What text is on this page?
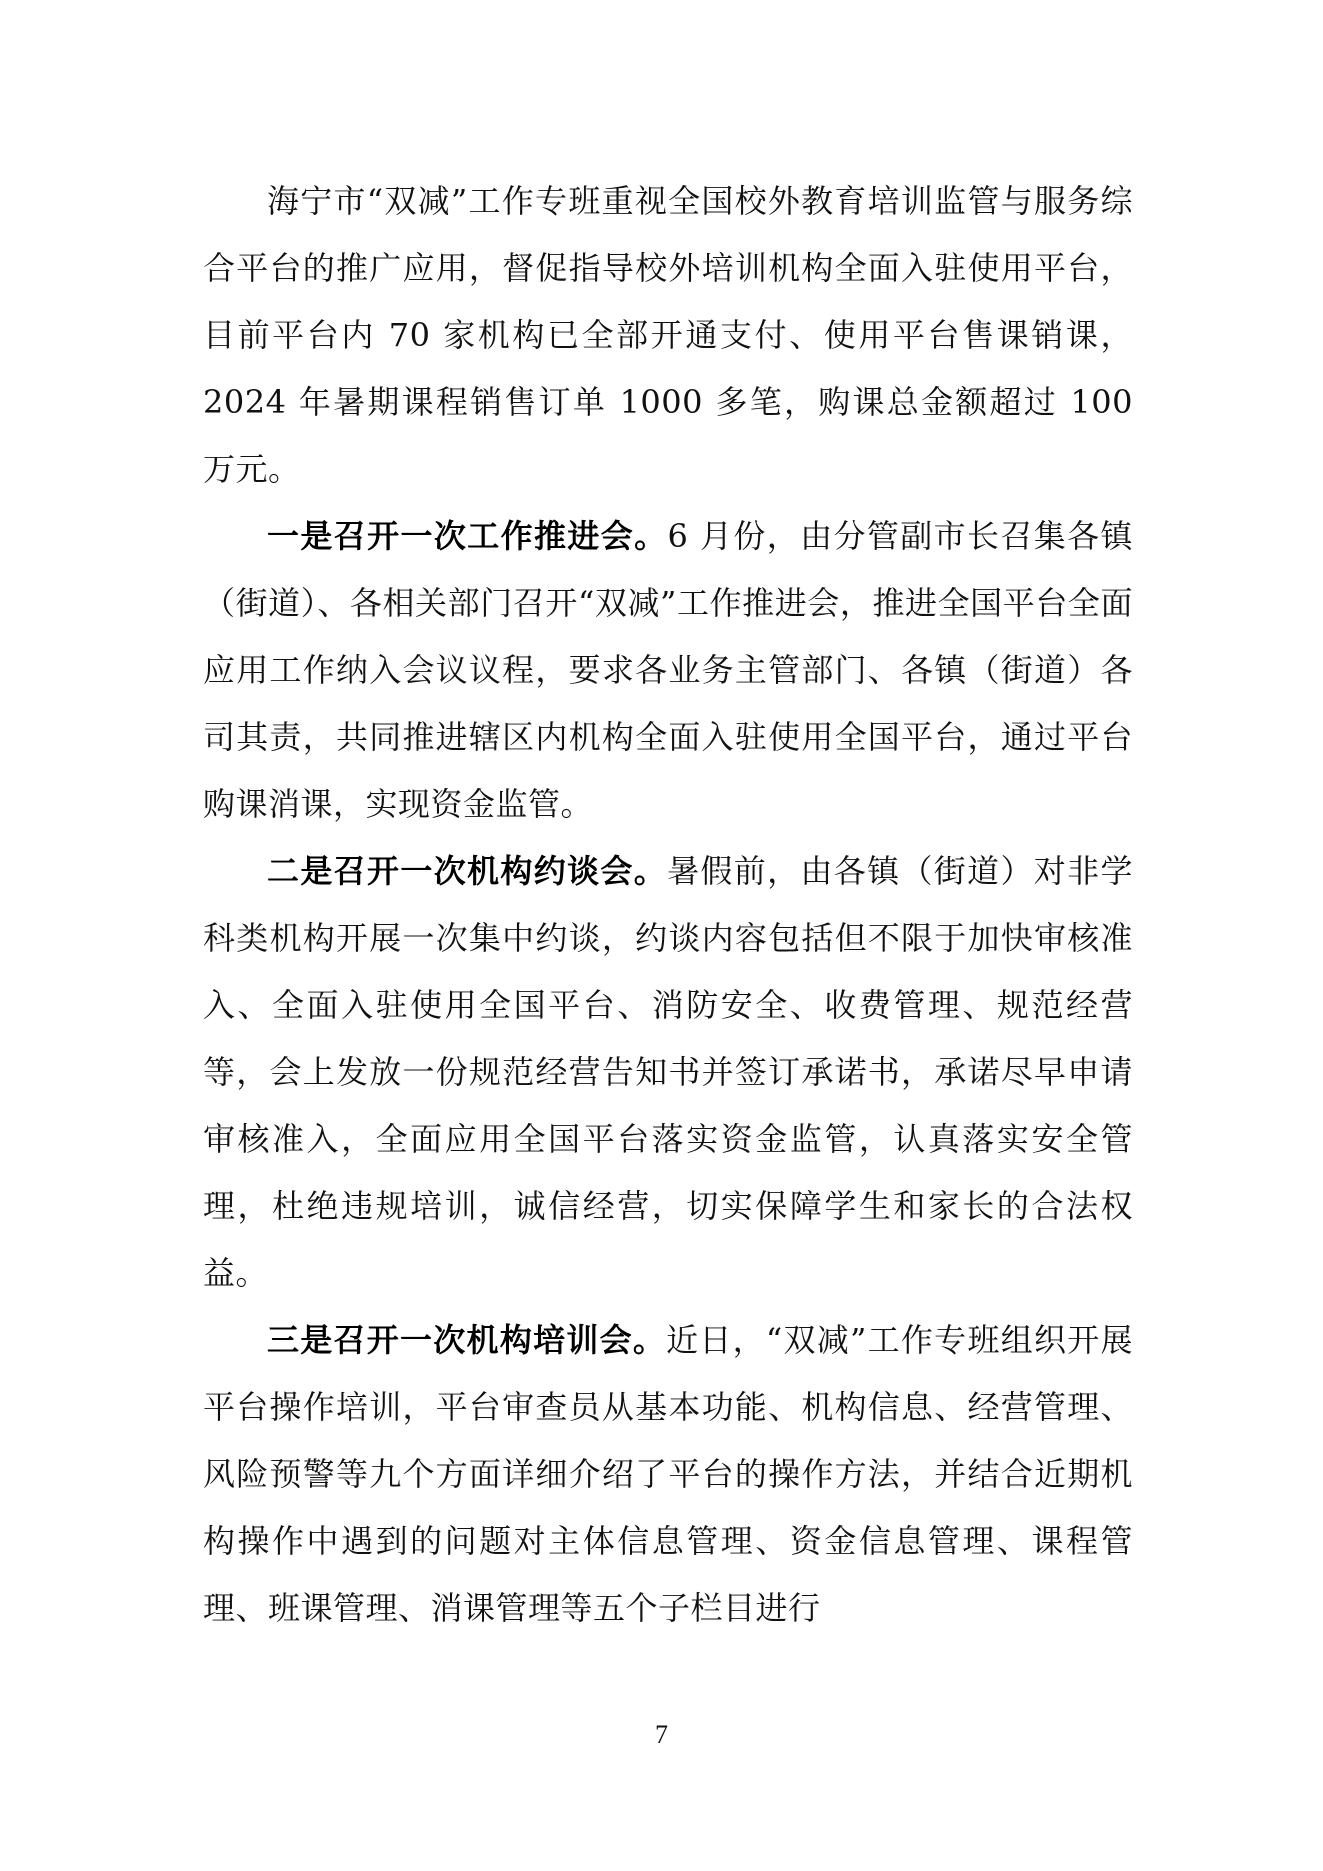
海宁市“双减”工作专班重视全国校外教育培训监管与服务综合平台的推广应用，督促指导校外培训机构全面入驻使用平台，目前平台内 70 家机构已全部开通支付、使用平台售课销课，2024 年暑期课程销售订单 1000 多笔，购课总金额超过 100 万元。

一是召开一次工作推进会。6 月份，由分管副市长召集各镇（街道）、各相关部门召开“双减”工作推进会，推进全国平台全面应用工作纳入会议议程，要求各业务主管部门、各镇（街道）各司其责，共同推进辖区内机构全面入驻使用全国平台，通过平台购课消课，实现资金监管。

二是召开一次机构约谈会。暑假前，由各镇（街道）对非学科类机构开展一次集中约谈，约谈内容包括但不限于加快审核准入、全面入驻使用全国平台、消防安全、收费管理、规范经营等，会上发放一份规范经营告知书并签订承诺书，承诺尽早申请审核准入，全面应用全国平台落实资金监管，认真落实安全管理，杜绝违规培训，诚信经营，切实保障学生和家长的合法权益。

三是召开一次机构培训会。近日，“双减”工作专班组织开展平台操作培训，平台审查员从基本功能、机构信息、经营管理、风险预警等九个方面详细介绍了平台的操作方法，并结合近期机构操作中遇到的问题对主体信息管理、资金信息管理、课程管理、班课管理、消课管理等五个子栏目进行

7
